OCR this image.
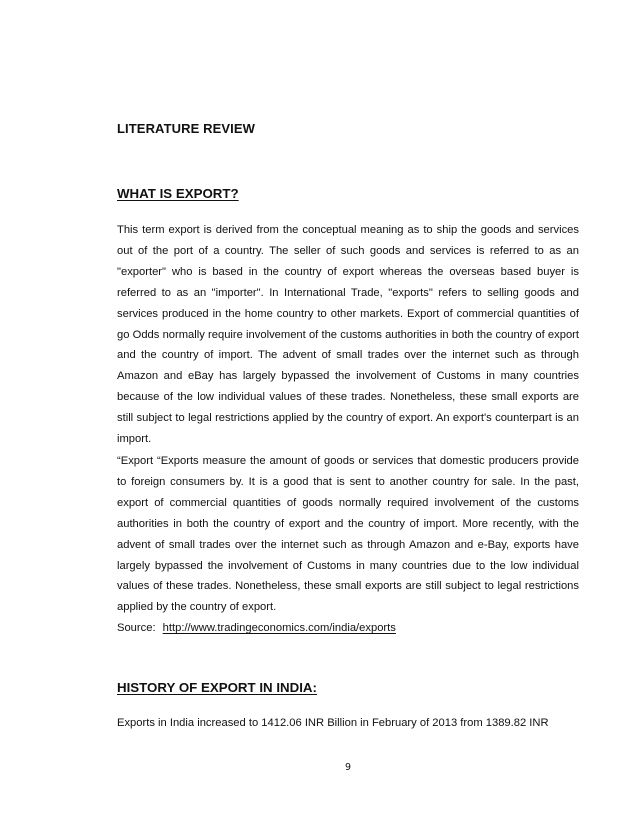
LITERATURE REVIEW
WHAT IS EXPORT?

This term export is derived from the conceptual meaning as to ship the goods and services out of the port of a country. The seller of such goods and services is referred to as an "exporter" who is based in the country of export whereas the overseas based buyer is referred to as an "importer". In International Trade, "exports" refers to selling goods and services produced in the home country to other markets. Export of commercial quantities of go Odds normally require involvement of the customs authorities in both the country of export and the country of import. The advent of small trades over the internet such as through Amazon and eBay has largely bypassed the involvement of Customs in many countries because of the low individual values of these trades. Nonetheless, these small exports are still subject to legal restrictions applied by the country of export. An export's counterpart is an import.

“Export “Exports measure the amount of goods or services that domestic producers provide to foreign consumers by. It is a good that is sent to another country for sale. In the past, export of commercial quantities of goods normally required involvement of the customs authorities in both the country of export and the country of import. More recently, with the advent of small trades over the internet such as through Amazon and e-Bay, exports have largely bypassed the involvement of Customs in many countries due to the low individual values of these trades. Nonetheless, these small exports are still subject to legal restrictions applied by the country of export.

Source: http://www.tradingeconomics.com/india/exports

HISTORY OF EXPORT IN INDIA:

Exports in India increased to 1412.06 INR Billion in February of 2013 from 1389.82 INR

9
